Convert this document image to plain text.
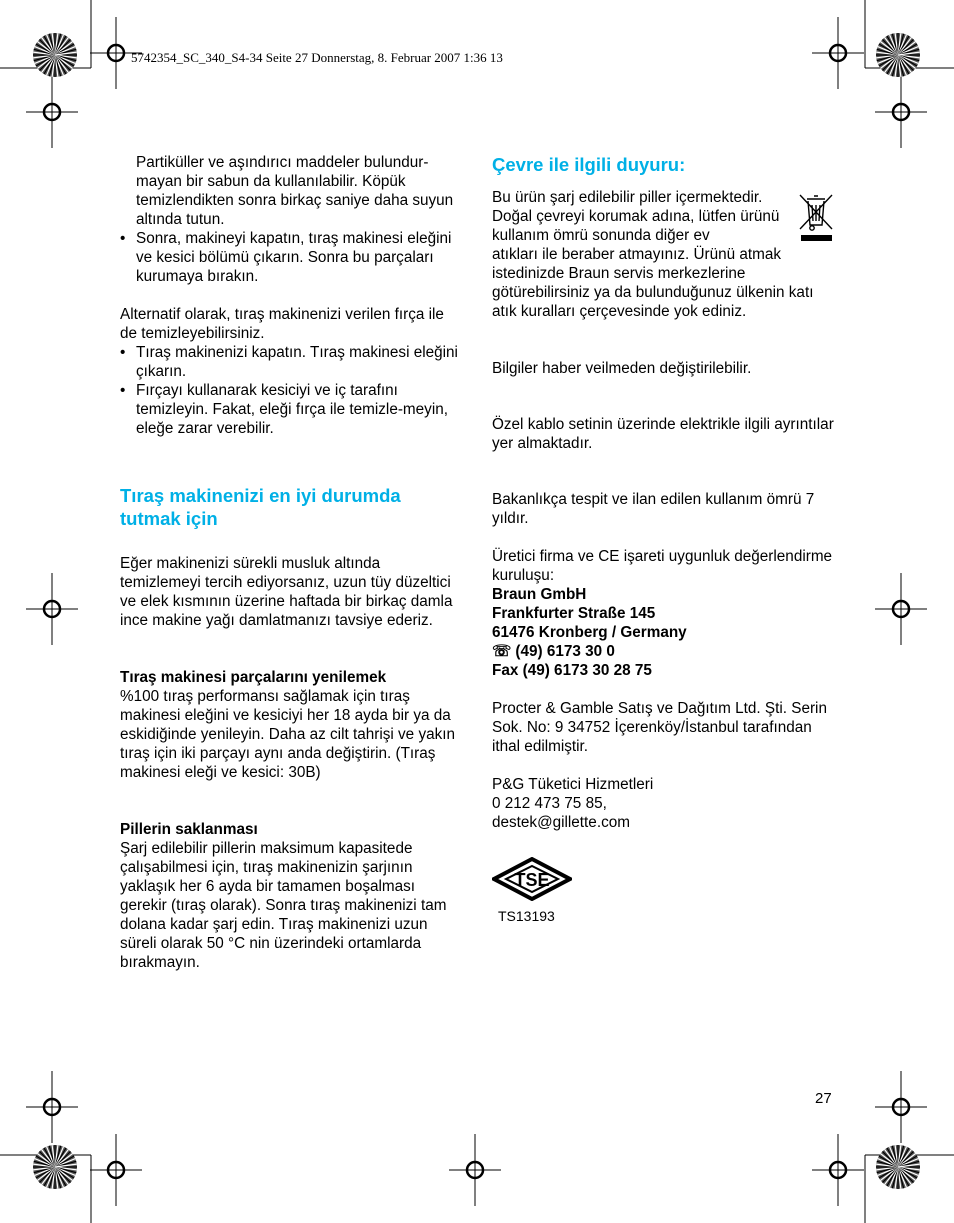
5742354_SC_340_S4-34 Seite 27 Donnerstag, 8. Februar 2007 1:36 13

Partiküller ve aşındırıcı maddeler bulundur-mayan bir sabun da kullanılabilir. Köpük temizlendikten sonra birkaç saniye daha suyun altında tutun.

• Sonra, makineyi kapatın, tıraş makinesi eleğini ve kesici bölümü çıkarın. Sonra bu parçaları kurumaya bırakın.

Alternatif olarak, tıraş makinenizi verilen fırça ile de temizleyebilirsiniz.

• Tıraş makinenizi kapatın. Tıraş makinesi eleğini çıkarın.

• Fırçayı kullanarak kesiciyi ve iç tarafını temizleyin. Fakat, eleği fırça ile temizle-meyin, eleğe zarar verebilir.

Tıraş makinenizi en iyi durumda tutmak için

Eğer makinenizi sürekli musluk altında temizlemeyi tercih ediyorsanız, uzun tüy düzeltici ve elek kısmının üzerine haftada bir birkaç damla ince makine yağı damlatmanızı tavsiye ederiz.

Tıraş makinesi parçalarını yenilemek

%100 tıraş performansı sağlamak için tıraş makinesi eleğini ve kesiciyi her 18 ayda bir ya da eskidiğinde yenileyin. Daha az cilt tahrişi ve yakın tıraş için iki parçayı aynı anda değiştirin. (Tıraş makinesi eleği ve kesici: 30B)

Pillerin saklanması

Şarj edilebilir pillerin maksimum kapasitede çalışabilmesi için, tıraş makinenizin şarjının yaklaşık her 6 ayda bir tamamen boşalması gerekir (tıraş olarak). Sonra tıraş makinenizi tam dolana kadar şarj edin. Tıraş makinenizi uzun süreli olarak 50 °C nin üzerindeki ortamlarda bırakmayın.

Çevre ile ilgili duyuru:

Bu ürün şarj edilebilir piller içermektedir. Doğal çevreyi korumak adına, lütfen ürünü kullanım ömrü sonunda diğer ev

atıkları ile beraber atmayınız. Ürünü atmak istedinizde Braun servis merkezlerine götürebilirsiniz ya da bulunduğunuz ülkenin katı atık kuralları çerçevesinde yok ediniz.

Bilgiler haber veilmeden değiştirilebilir.

Özel kablo setinin üzerinde elektrikle ilgili ayrıntılar yer almaktadır.

Bakanlıkça tespit ve ilan edilen kullanım ömrü 7 yıldır.

Üretici firma ve CE işareti uygunluk değerlendirme kuruluşu:

Braun GmbH

Frankfurter Straße 145

61476 Kronberg / Germany

☏ (49) 6173 30 0

Fax (49) 6173 30 28 75

Procter & Gamble Satış ve Dağıtım Ltd. Şti. Serin Sok. No: 9 34752 İçerenköy/İstanbul tarafından ithal edilmiştir.

P&G Tüketici Hizmetleri

0 212 473 75 85,

destek@gillette.com

TSE
TS13193
27
